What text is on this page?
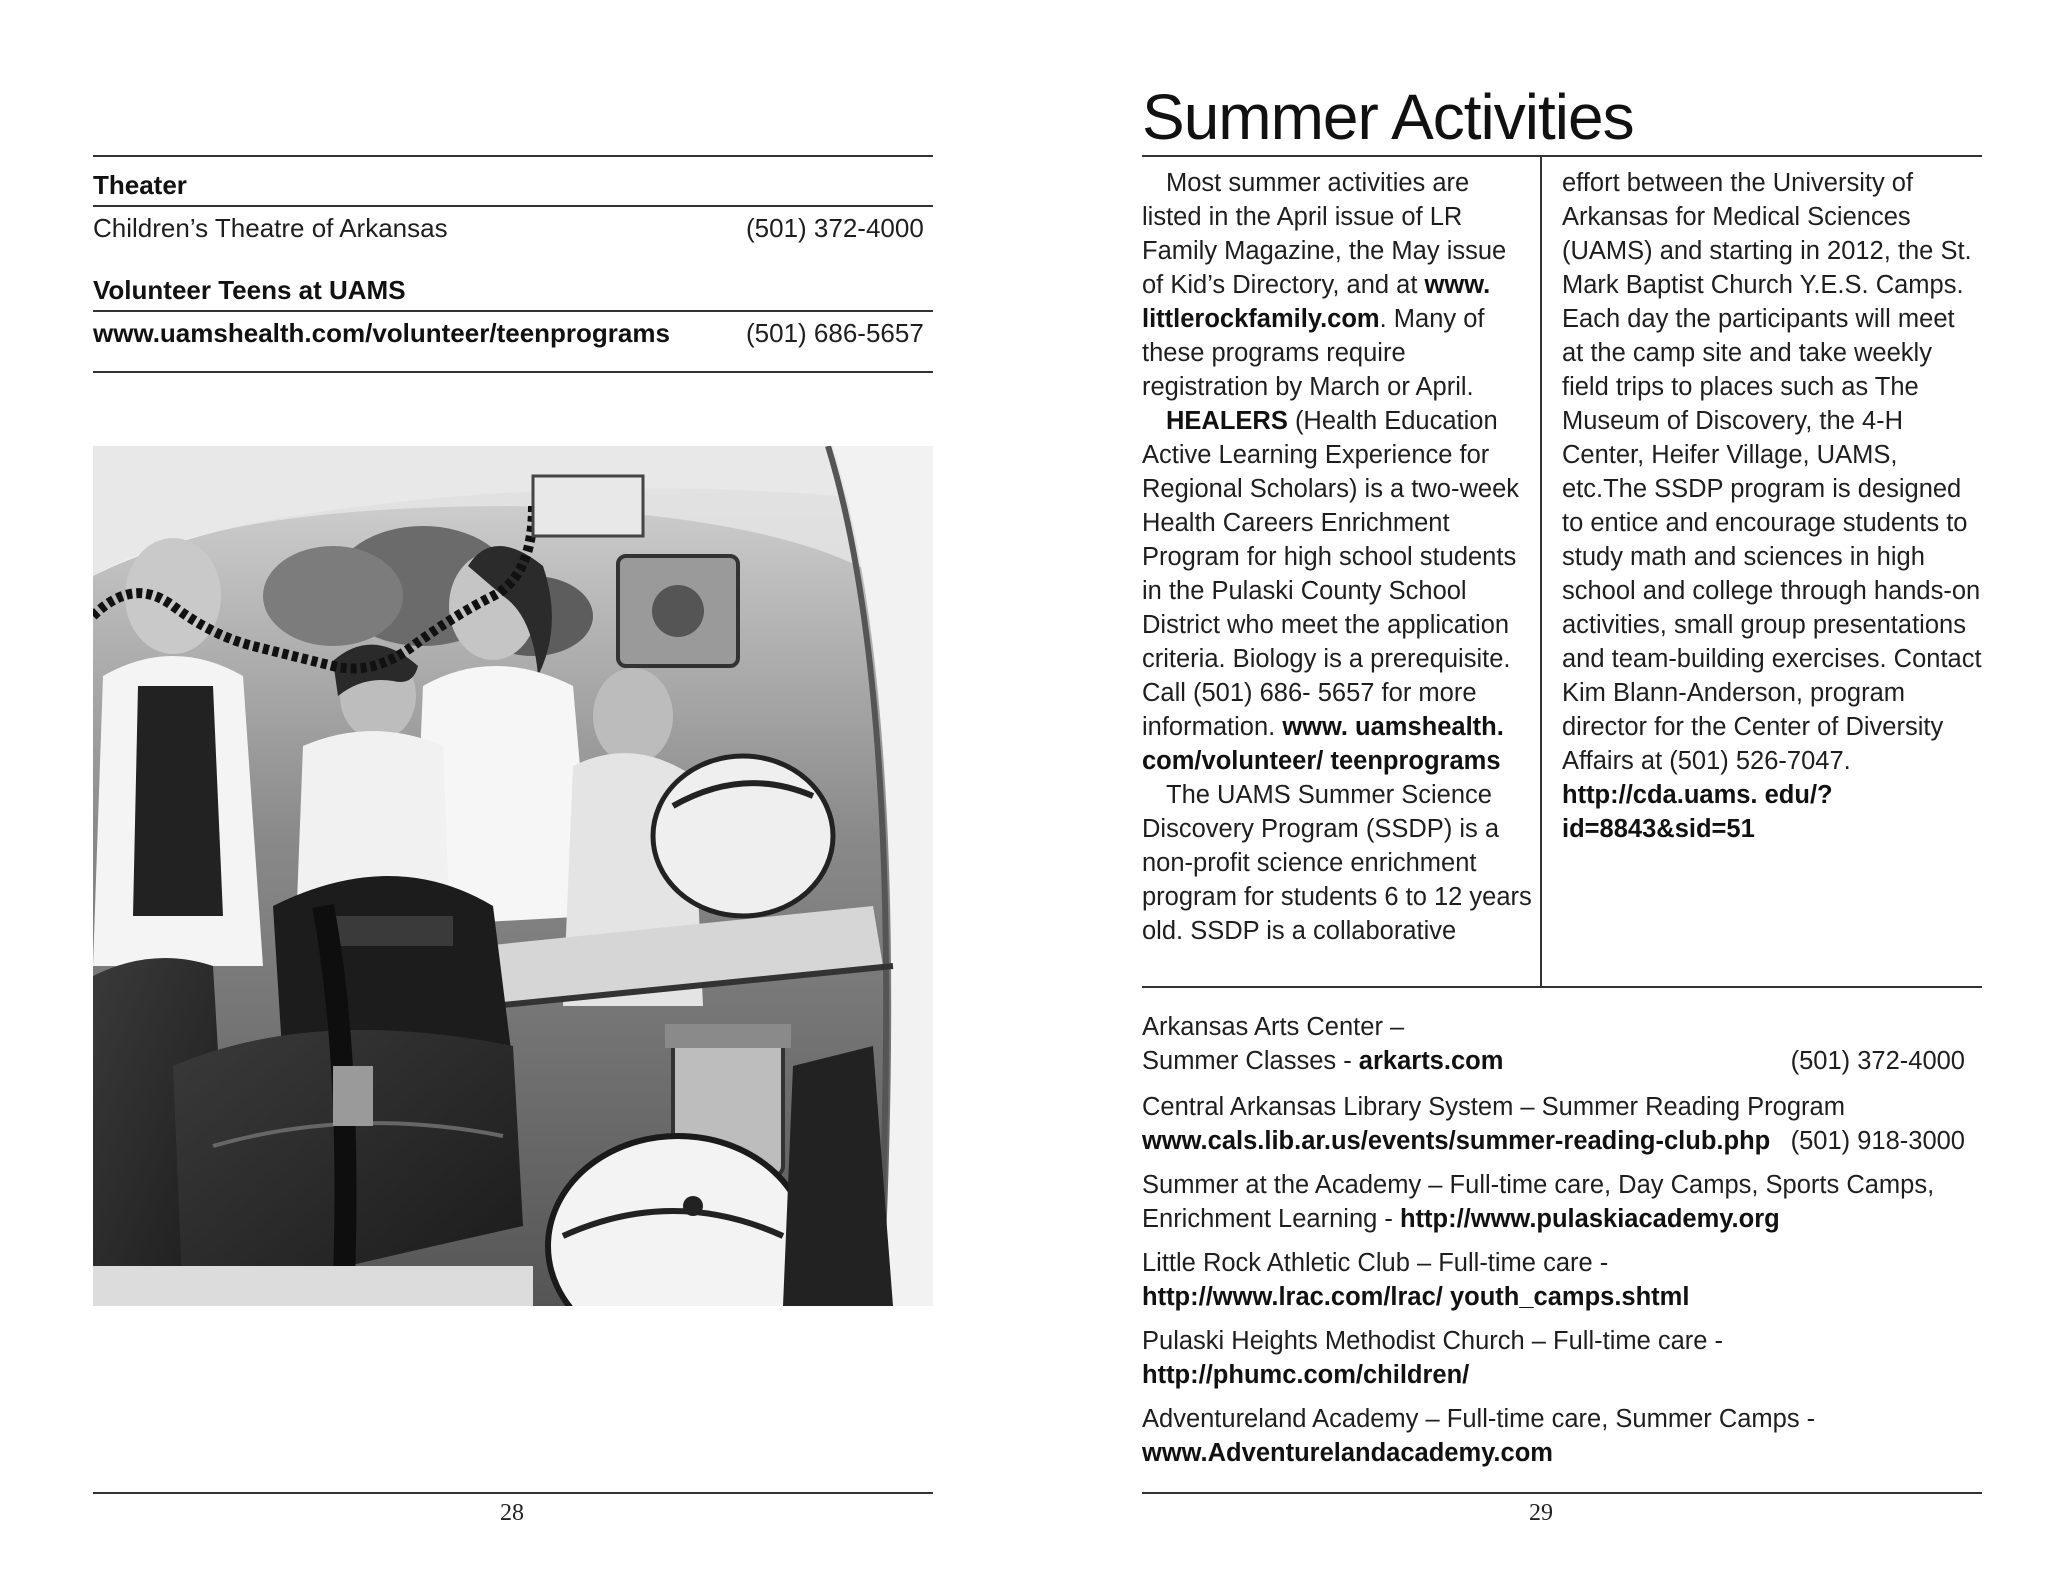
Theater
Children’s Theatre of Arkansas	(501) 372-4000
Volunteer Teens at UAMS
www.uamshealth.com/volunteer/teenprograms	(501) 686-5657
28
Summer Activities

Most summer activities are listed in the April issue of LR Family Magazine, the May issue of Kid’s Directory, and at www. littlerockfamily.com. Many of these programs require registration by March or April.

HEALERS (Health Education Active Learning Experience for Regional Scholars) is a two-week Health Careers Enrichment Program for high school students in the Pulaski County School District who meet the application criteria. Biology is a prerequisite. Call (501) 686- 5657 for more information. www. uamshealth. com/volunteer/ teenprograms

The UAMS Summer Science Discovery Program (SSDP) is a non-profit science enrichment program for students 6 to 12 years old. SSDP is a collaborative

effort between the University of Arkansas for Medical Sciences (UAMS) and starting in 2012, the St. Mark Baptist Church Y.E.S. Camps. Each day the participants will meet at the camp site and take weekly field trips to places such as The Museum of Discovery, the 4-H Center, Heifer Village, UAMS, etc.The SSDP program is designed to entice and encourage students to study math and sciences in high school and college through hands-on activities, small group presentations and team-building exercises. Contact Kim Blann-Anderson, program director for the Center of Diversity Affairs at (501) 526-7047. http://cda.uams. edu/?id=8843&sid=51

Arkansas Arts Center –
Summer Classes - arkarts.com	(501) 372-4000
Central Arkansas Library System – Summer Reading Program
www.cals.lib.ar.us/events/summer-reading-club.php (501) 918-3000
Summer at the Academy – Full-time care, Day Camps, Sports Camps,
Enrichment Learning - http://www.pulaskiacademy.org
Little Rock Athletic Club – Full-time care -
http://www.lrac.com/lrac/ youth_camps.shtml
Pulaski Heights Methodist Church – Full-time care -
http://phumc.com/children/
Adventureland Academy – Full-time care, Summer Camps -
www.Adventurelandacademy.com
29
